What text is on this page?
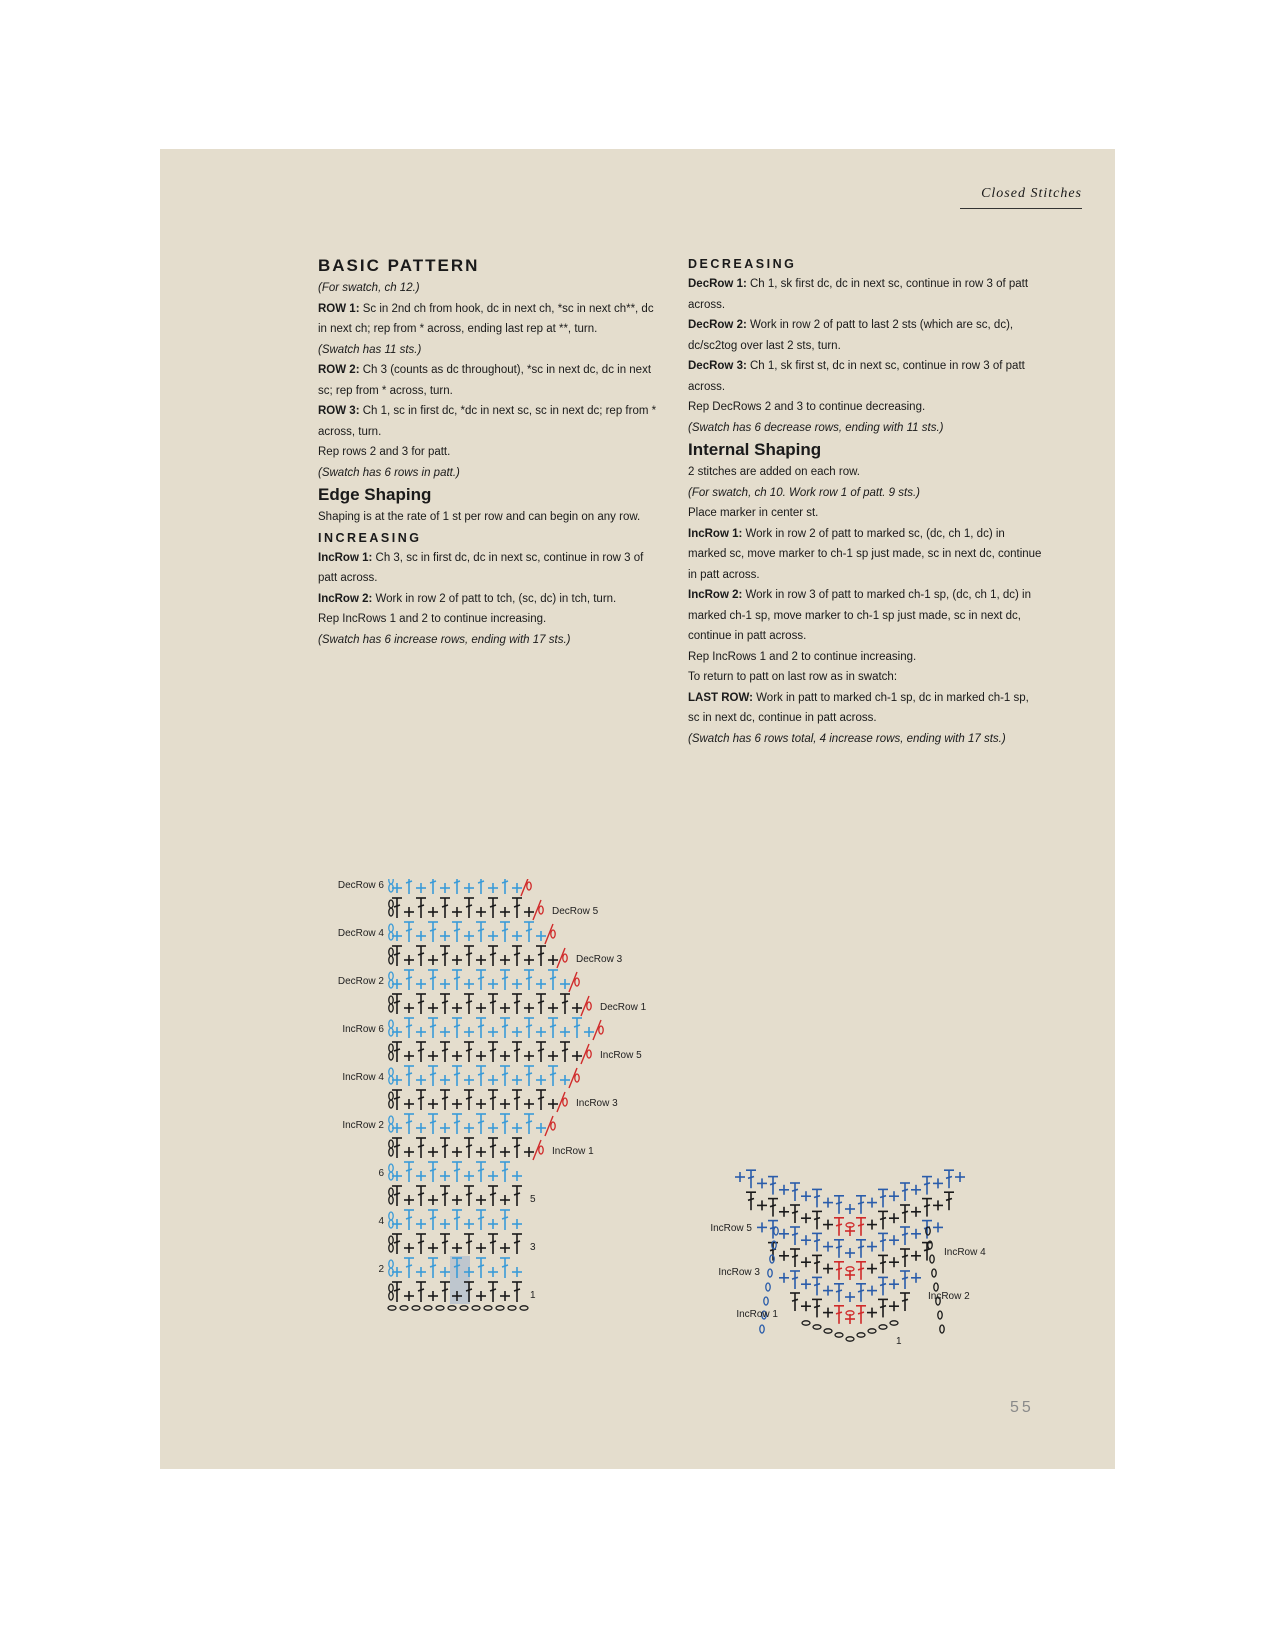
Closed Stitches

BASIC PATTERN

(For swatch, ch 12.)

ROW 1: Sc in 2nd ch from hook, dc in next ch, *sc in next ch**, dc in next ch; rep from * across, ending last rep at **, turn.

(Swatch has 11 sts.)

ROW 2: Ch 3 (counts as dc throughout), *sc in next dc, dc in next sc; rep from * across, turn.

ROW 3: Ch 1, sc in first dc, *dc in next sc, sc in next dc; rep from * across, turn.

Rep rows 2 and 3 for patt.

(Swatch has 6 rows in patt.)

Edge Shaping

Shaping is at the rate of 1 st per row and can begin on any row.

INCREASING

IncRow 1: Ch 3, sc in first dc, dc in next sc, continue in row 3 of patt across.

IncRow 2: Work in row 2 of patt to tch, (sc, dc) in tch, turn.

Rep IncRows 1 and 2 to continue increasing.

(Swatch has 6 increase rows, ending with 17 sts.)

DECREASING

DecRow 1: Ch 1, sk first dc, dc in next sc, continue in row 3 of patt across.

DecRow 2: Work in row 2 of patt to last 2 sts (which are sc, dc), dc/sc2tog over last 2 sts, turn.

DecRow 3: Ch 1, sk first st, dc in next sc, continue in row 3 of patt across.

Rep DecRows 2 and 3 to continue decreasing.

(Swatch has 6 decrease rows, ending with 11 sts.)

Internal Shaping

2 stitches are added on each row.

(For swatch, ch 10. Work row 1 of patt. 9 sts.)

Place marker in center st.

IncRow 1: Work in row 2 of patt to marked sc, (dc, ch 1, dc) in marked sc, move marker to ch-1 sp just made, sc in next dc, continue in patt across.

IncRow 2: Work in row 3 of patt to marked ch-1 sp, (dc, ch 1, dc) in marked ch-1 sp, move marker to ch-1 sp just made, sc in next dc, continue in patt across.

Rep IncRows 1 and 2 to continue increasing.

To return to patt on last row as in swatch:

LAST ROW: Work in patt to marked ch-1 sp, dc in marked ch-1 sp, sc in next dc, continue in patt across.

(Swatch has 6 rows total, 4 increase rows, ending with 17 sts.)

DecRow 6
DecRow 4
DecRow 2
IncRow 6
IncRow 4
IncRow 2
6
4
2
DecRow 5
DecRow 3
DecRow 1
IncRow 5
IncRow 3
IncRow 1
5
3
1
IncRow 5
IncRow 3
IncRow 1
IncRow 4
IncRow 2
1
55
